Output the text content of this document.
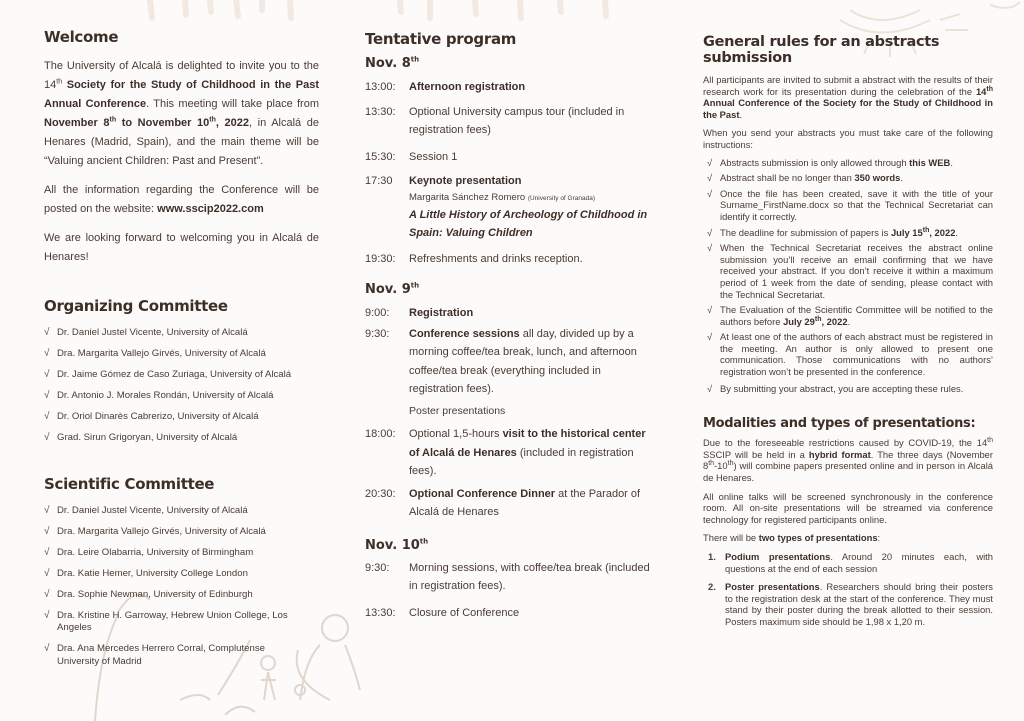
Welcome

The University of Alcalá is delighted to invite you to the 14th Society for the Study of Childhood in the Past Annual Conference. This meeting will take place from November 8th to November 10th, 2022, in Alcalá de Henares (Madrid, Spain), and the main theme will be “Valuing ancient Children: Past and Present”.

All the information regarding the Conference will be posted on the website: www.sscip2022.com

We are looking forward to welcoming you in Alcalá de Henares!

Organizing Committee
√ Dr. Daniel Justel Vicente, University of Alcalá
√ Dra. Margarita Vallejo Girvés, University of Alcalá
√ Dr. Jaime Gómez de Caso Zuriaga, University of Alcalá
√ Dr. Antonio J. Morales Rondán, University of Alcalá
√ Dr. Oriol Dinarès Cabrerizo, University of Alcalá
√ Grad. Sirun Grigoryan, University of Alcalá
Scientific Committee
√ Dr. Daniel Justel Vicente, University of Alcalá
√ Dra. Margarita Vallejo Girvés, University of Alcalá
√ Dra. Leire Olabarria, University of Birmingham
√ Dra. Katie Hemer, University College London
√ Dra. Sophie Newman, University of Edinburgh
√ Dra. Kristine H. Garroway, Hebrew Union College, Los Angeles
√ Dra. Ana Mercedes Herrero Corral, Complutense University of Madrid
Tentative program
Nov. 8th
13:00:	Afternoon registration
13:30:	Optional University campus tour (included in registration fees)
15:30:	Session 1
17:30	Keynote presentation
Margarita Sánchez Romero (University of Granada)
A Little History of Archeology of Childhood in Spain: Valuing Children
19:30:	Refreshments and drinks reception.
Nov. 9th
9:00:	Registration
9:30:	Conference sessions all day, divided up by a morning coffee/tea break, lunch, and afternoon coffee/tea break (everything included in registration fees).
Poster presentations
18:00:	Optional 1,5-hours visit to the historical center of Alcalá de Henares (included in registration fees).
20:30:	Optional Conference Dinner at the Parador of Alcalá de Henares
Nov. 10th
9:30:	Morning sessions, with coffee/tea break (included in registration fees).
13:30:	Closure of Conference
General rules for an abstracts submission

All participants are invited to submit a abstract with the results of their research work for its presentation during the celebration of the 14th Annual Conference of the Society for the Study of Childhood in the Past.

When you send your abstracts you must take care of the following instructions:

√ Abstracts submission is only allowed through this WEB.
√ Abstract shall be no longer than 350 words.
√ Once the file has been created, save it with the title of your Surname_FirstName.docx so that the Technical Secretariat can identify it correctly.
√ The deadline for submission of papers is July 15th, 2022.
√ When the Technical Secretariat receives the abstract online submission you’ll receive an email confirming that we have received your abstract. If you don’t receive it within a maximum period of 1 week from the date of sending, please contact with the Technical Secretariat.
√ The Evaluation of the Scientific Committee will be notified to the authors before July 29th, 2022.
√ At least one of the authors of each abstract must be registered in the meeting. An author is only allowed to present one communication. Those communications with no authors’ registration won’t be presented in the conference.
√ By submitting your abstract, you are accepting these rules.
Modalities and types of presentations:

Due to the foreseeable restrictions caused by COVID-19, the 14th SSCIP will be held in a hybrid format. The three days (November 8th-10th) will combine papers presented online and in person in Alcalá de Henares.

All online talks will be screened synchronously in the conference room. All on-site presentations will be streamed via conference technology for registered participants online.

There will be two types of presentations:

1. Podium presentations. Around 20 minutes each, with questions at the end of each session
2. Poster presentations. Researchers should bring their posters to the registration desk at the start of the conference. They must stand by their poster during the break allotted to their session. Posters maximum side should be 1,98 x 1,20 m.
